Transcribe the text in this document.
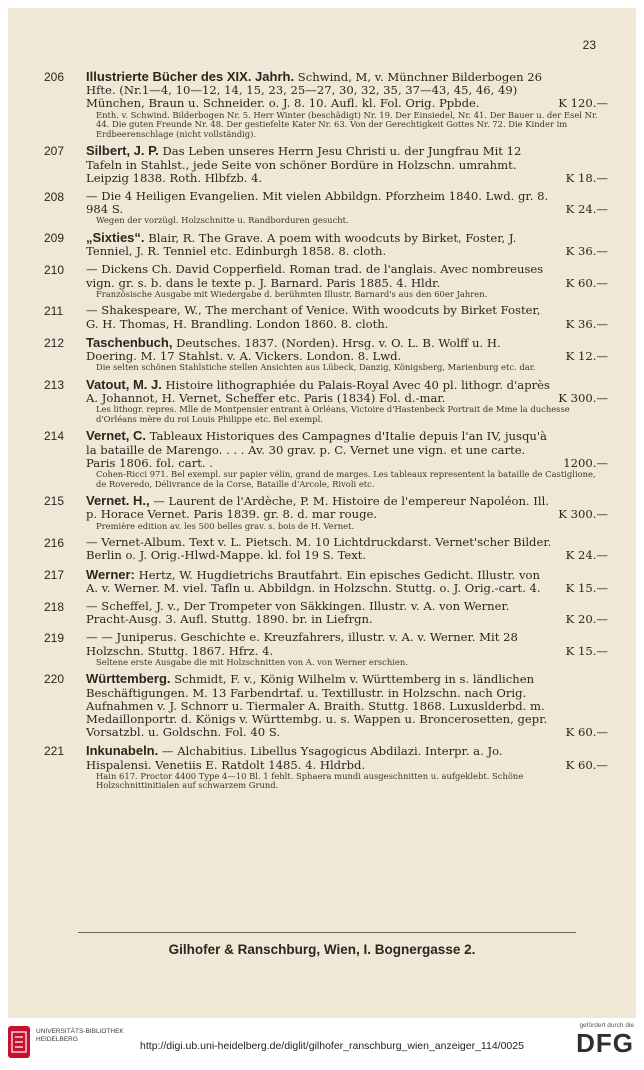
23
206	Illustrierte Bücher des XIX. Jahrh. Schwind, M, v. Münchner Bilderbogen 26 Hfte. (Nr.1—4, 10—12, 14, 15, 23, 25—27, 30, 32, 35, 37—43, 45, 46, 49) München, Braun u. Schneider. o. J. 8. 10. Aufl. kl. Fol. Orig. Ppbde.	K 120.—

Enth. v. Schwind. Bilderbogen Nr. 5. Herr Winter (beschädigt) Nr. 19. Der Einsiedel, Nr. 41. Der Bauer u. der Esel Nr. 44. Die guten Freunde Nr. 48. Der gestiefelte Kater Nr. 63. Von der Gerechtigkeit Gottes Nr. 72. Die Kinder im Erdbeerenschlage (nicht vollständig).

207	Silbert, J. P. Das Leben unseres Herrn Jesu Christi u. der Jungfrau Mit 12 Tafeln in Stahlst., jede Seite von schöner Bordüre in Holzschn. umrahmt. Leipzig 1838. Roth. Hlbfzb. 4.	K 18.—

208	— Die 4 Heiligen Evangelien. Mit vielen Abbildgn. Pforzheim 1840. Lwd. gr. 8. 984 S.	K 24.—

Wegen der vorzügl. Holzschnitte u. Randborduren gesucht.

209	„Sixties“. Blair, R. The Grave. A poem with woodcuts by Birket, Foster, J. Tenniel, J. R. Tenniel etc. Edinburgh 1858. 8. cloth.	K 36.—

210	— Dickens Ch. David Copperfield. Roman trad. de l'anglais. Avec nombreuses vign. gr. s. b. dans le texte p. J. Barnard. Paris 1885. 4. Hldr.	K 60.—

Französische Ausgabe mit Wiedergabe d. berühmten Illustr. Barnard's aus den 60er Jahren.

211	— Shakespeare, W., The merchant of Venice. With woodcuts by Birket Foster, G. H. Thomas, H. Brandling. London 1860. 8. cloth.	K 36.—

212	Taschenbuch, Deutsches. 1837. (Norden). Hrsg. v. O. L. B. Wolff u. H. Doering. M. 17 Stahlst. v. A. Vickers. London. 8. Lwd.	K 12.—

Die selten schönen Stahlstiche stellen Ansichten aus Lübeck, Danzig, Königsberg, Marienburg etc. dar.

213	Vatout, M. J. Histoire lithographiée du Palais-Royal Avec 40 pl. lithogr. d'après A. Johannot, H. Vernet, Scheffer etc. Paris (1834) Fol. d.-mar.	K 300.—

Les lithogr. repres. Mlle de Montpensier entrant à Orléans, Victoire d'Hastenbeck Portrait de Mme la duchesse d'Orléans mère du roi Louis Philippe etc. Bel exempl.

214	Vernet, C. Tableaux Historiques des Campagnes d'Italie depuis l'an IV, jusqu'à la bataille de Marengo. . . . Av. 30 grav. p. C. Vernet une vign. et une carte. Paris 1806. fol. cart. .	1200.—

Cohen-Ricci 971. Bel exempl. sur papier vélin, grand de marges. Les tableaux representent la bataille de Castiglione, de Roveredo, Délivrance de la Corse, Bataille d'Arcole, Rivoli etc.

215	Vernet. H., — Laurent de l'Ardèche, P. M. Histoire de l'empereur Napoléon. Ill. p. Horace Vernet. Paris 1839. gr. 8. d. mar rouge.	K 300.—

Première edition av. les 500 belles grav. s. bois de H. Vernet.

216	— Vernet-Album. Text v. L. Pietsch. M. 10 Lichtdruckdarst. Vernet'scher Bilder. Berlin o. J. Orig.-Hlwd-Mappe. kl. fol 19 S. Text.	K 24.—

217	Werner: Hertz, W. Hugdietrichs Brautfahrt. Ein episches Gedicht. Illustr. von A. v. Werner. M. viel. Tafln u. Abbildgn. in Holzschn. Stuttg. o. J. Orig.-cart. 4. K 15.—

218	— Scheffel, J. v., Der Trompeter von Säkkingen. Illustr. v. A. von Werner. Pracht-Ausg. 3. Aufl. Stuttg. 1890. br. in Liefrgn.	K 20.—

219	— — Juniperus. Geschichte e. Kreuzfahrers, illustr. v. A. v. Werner. Mit 28 Holzschn. Stuttg. 1867. Hfrz. 4.	K 15.—

Seltene erste Ausgabe die mit Holzschnitten von A. von Werner erschien.

220	Württemberg. Schmidt, F. v., König Wilhelm v. Württemberg in s. ländlichen Beschäftigungen. M. 13 Farbendrtaf. u. Textillustr. in Holzschn. nach Orig. Aufnahmen v. J. Schnorr u. Tiermaler A. Braith. Stuttg. 1868. Luxuslderbd. m. Medaillonportr. d. Königs v. Württembg. u. s. Wappen u. Broncerosetten, gepr. Vorsatzbl. u. Goldschn. Fol. 40 S.	K 60.—

221	Inkunabeln. — Alchabitius. Libellus Ysagogicus Abdilazi. Interpr. a. Jo. Hispalensi. Venetiis E. Ratdolt 1485. 4. Hldrbd.	K 60.—

Hain 617. Proctor 4400 Type 4—10 Bl. 1 fehlt. Sphaera mundi ausgeschnitten u. aufgeklebt. Schöne Holzschnittinitialen auf schwarzem Grund.

Gilhofer & Ranschburg, Wien, I. Bognergasse 2.
UNIVERSITÄTS-BIBLIOTHEK HEIDELBERG
http://digi.ub.uni-heidelberg.de/diglit/gilhofer_ranschburg_wien_anzeiger_114/0025
gefördert durch die
DFG
